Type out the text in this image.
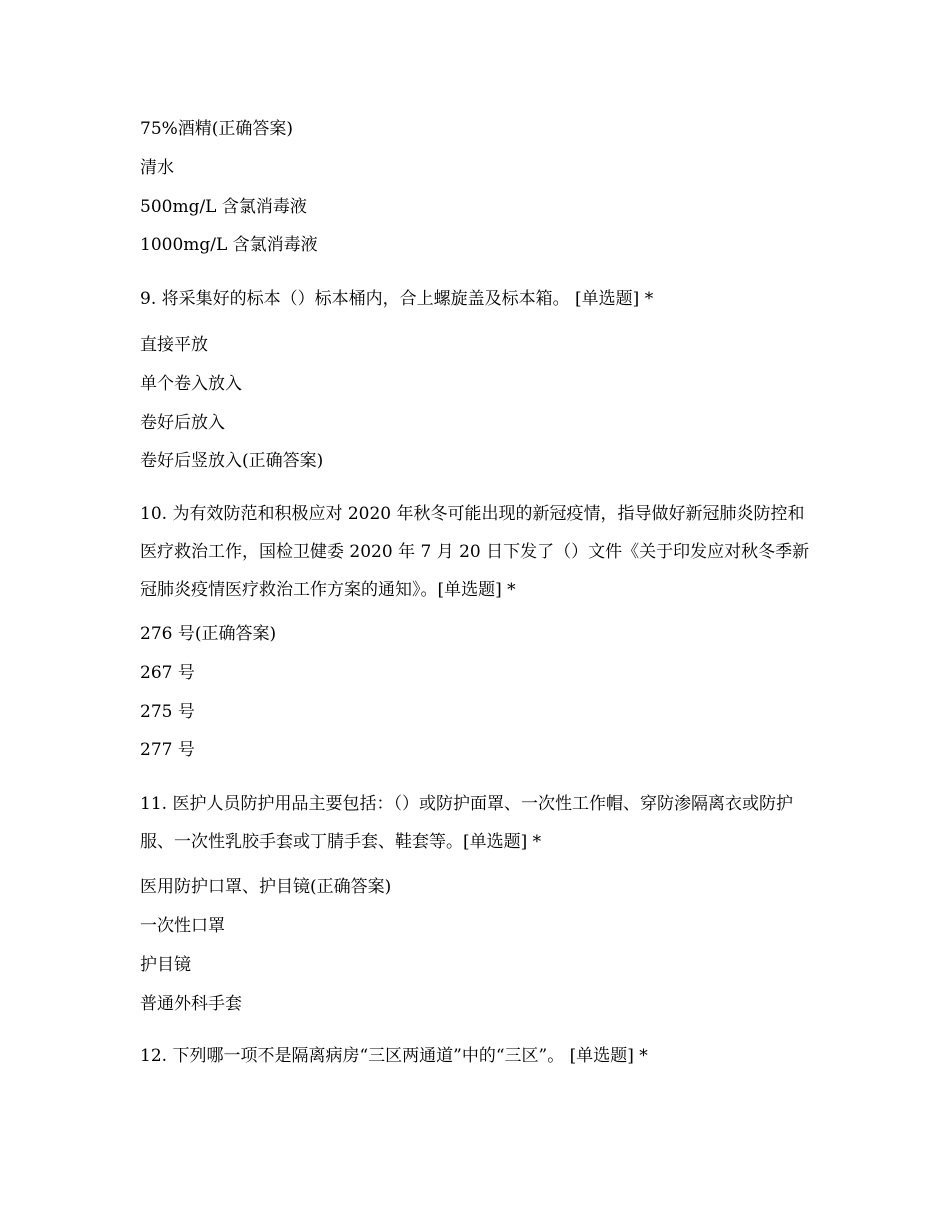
75%酒精(正确答案)
清水
500mg/L 含氯消毒液
1000mg/L 含氯消毒液
9. 将采集好的标本（）标本桶内，合上螺旋盖及标本箱。 [单选题] *
直接平放
单个卷入放入
卷好后放入
卷好后竖放入(正确答案)
10. 为有效防范和积极应对 2020 年秋冬可能出现的新冠疫情，指导做好新冠肺炎防控和医疗救治工作，国检卫健委 2020 年 7 月 20 日下发了（）文件《关于印发应对秋冬季新冠肺炎疫情医疗救治工作方案的通知》。[单选题] *
276 号(正确答案)
267 号
275 号
277 号
11. 医护人员防护用品主要包括：（）或防护面罩、一次性工作帽、穿防渗隔离衣或防护服、一次性乳胶手套或丁腈手套、鞋套等。[单选题] *
医用防护口罩、护目镜(正确答案)
一次性口罩
护目镜
普通外科手套
12. 下列哪一项不是隔离病房“三区两通道”中的“三区”。 [单选题] *
